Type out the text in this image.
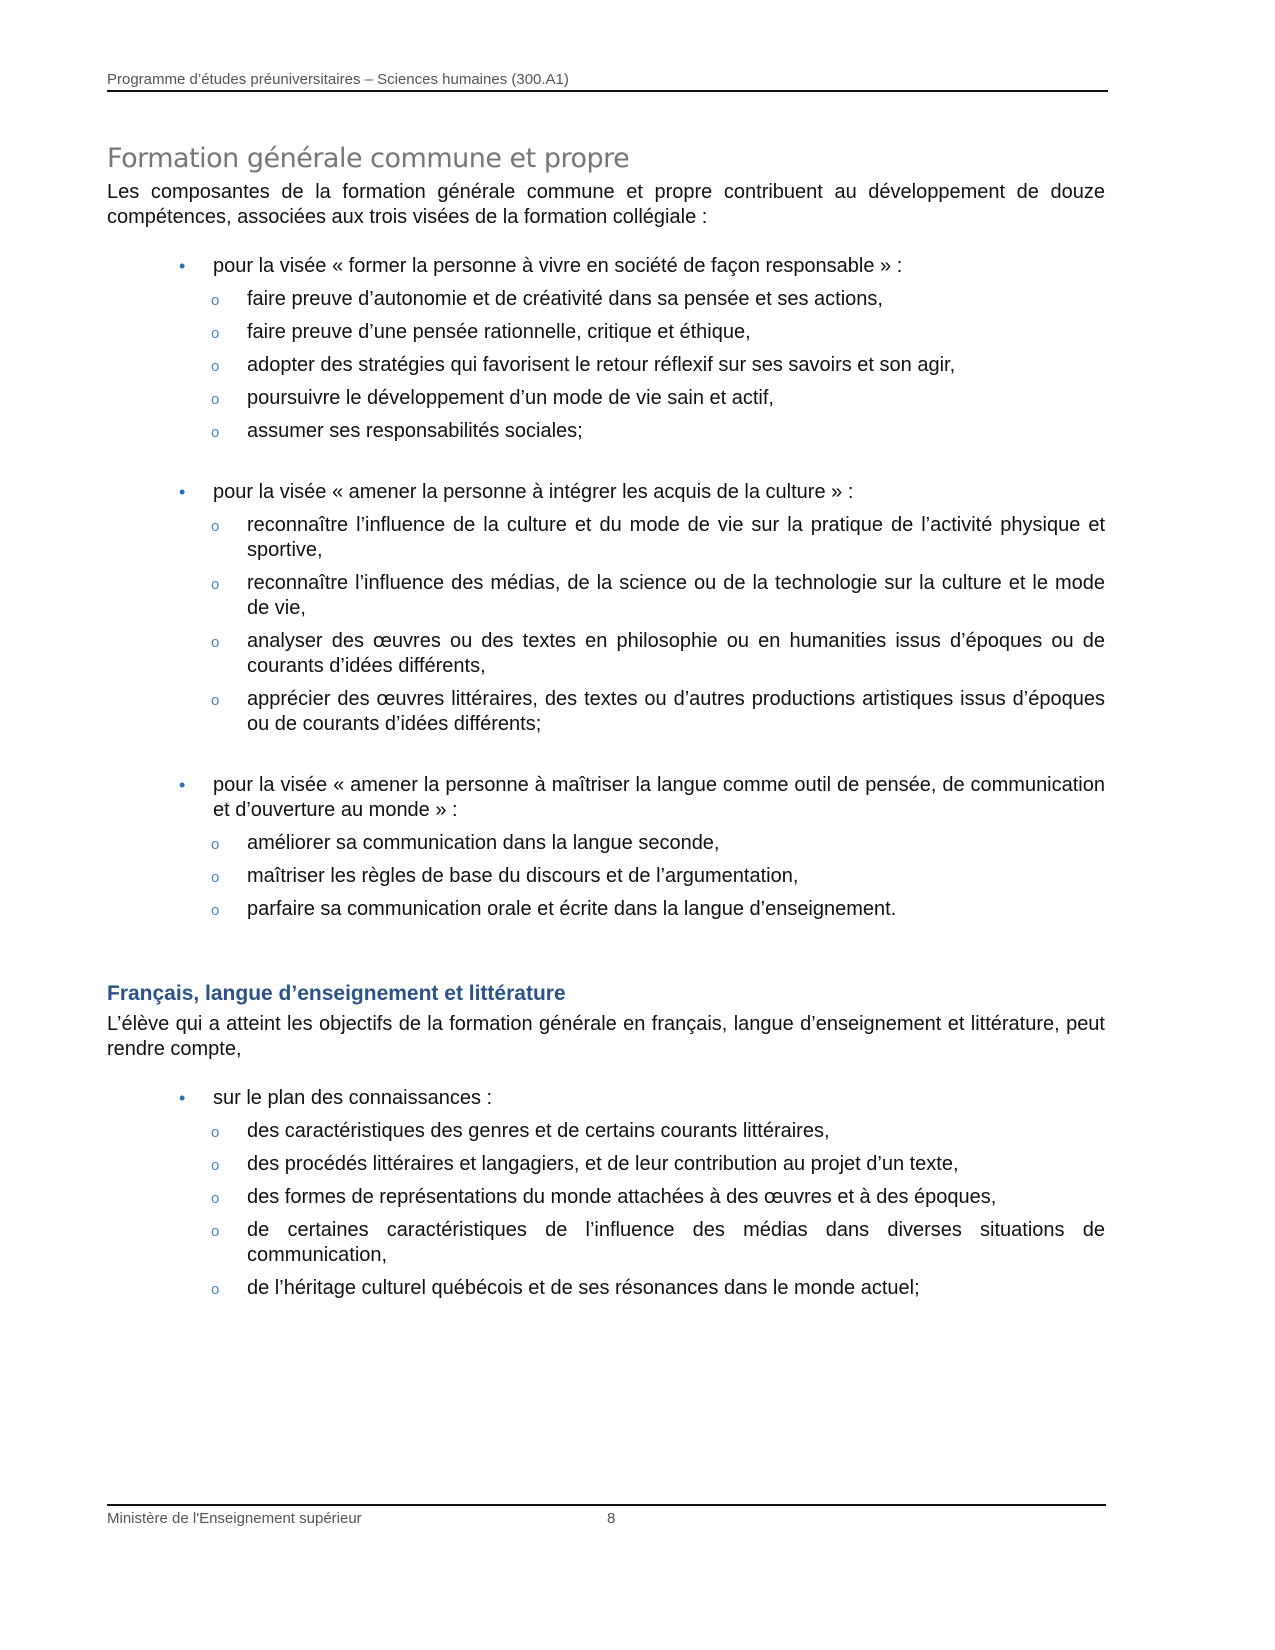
Programme d’études préuniversitaires – Sciences humaines (300.A1)
Formation générale commune et propre

Les composantes de la formation générale commune et propre contribuent au développement de douze compétences, associées aux trois visées de la formation collégiale :

• pour la visée « former la personne à vivre en société de façon responsable » :
o faire preuve d’autonomie et de créativité dans sa pensée et ses actions,
o faire preuve d’une pensée rationnelle, critique et éthique,
o adopter des stratégies qui favorisent le retour réflexif sur ses savoirs et son agir,
o poursuivre le développement d’un mode de vie sain et actif,
o assumer ses responsabilités sociales;
• pour la visée « amener la personne à intégrer les acquis de la culture » :
o reconnaître l’influence de la culture et du mode de vie sur la pratique de l’activité physique et sportive,
o reconnaître l’influence des médias, de la science ou de la technologie sur la culture et le mode de vie,
o analyser des œuvres ou des textes en philosophie ou en humanities issus d’époques ou de courants d’idées différents,
o apprécier des œuvres littéraires, des textes ou d’autres productions artistiques issus d’époques ou de courants d’idées différents;
• pour la visée « amener la personne à maîtriser la langue comme outil de pensée, de communication et d’ouverture au monde » :
o améliorer sa communication dans la langue seconde,
o maîtriser les règles de base du discours et de l’argumentation,
o parfaire sa communication orale et écrite dans la langue d’enseignement.
Français, langue d’enseignement et littérature

L’élève qui a atteint les objectifs de la formation générale en français, langue d’enseignement et littérature, peut rendre compte,

• sur le plan des connaissances :
o des caractéristiques des genres et de certains courants littéraires,
o des procédés littéraires et langagiers, et de leur contribution au projet d’un texte,
o des formes de représentations du monde attachées à des œuvres et à des époques,
o de certaines caractéristiques de l’influence des médias dans diverses situations de communication,
o de l’héritage culturel québécois et de ses résonances dans le monde actuel;
Ministère de l'Enseignement supérieur	8
